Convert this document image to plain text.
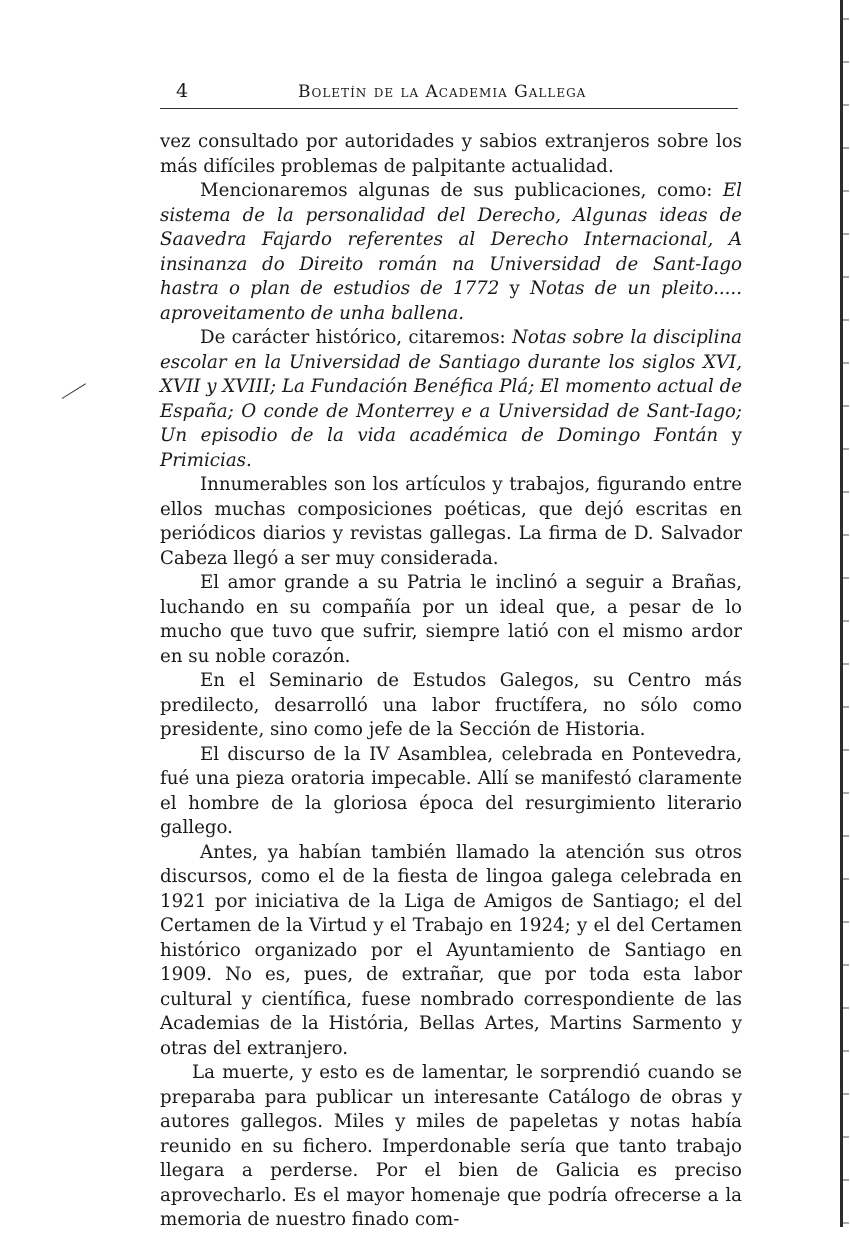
4	Boletín de la Academia Gallega

vez consultado por autoridades y sabios extranjeros sobre los más difíciles problemas de palpitante actualidad.

Mencionaremos algunas de sus publicaciones, como: El sistema de la personalidad del Derecho, Algunas ideas de Saavedra Fajardo referentes al Derecho Internacional, A insinanza do Direito román na Universidad de Sant-Iago hastra o plan de estudios de 1772 y Notas de un pleito..... aproveitamento de unha ballena.

De carácter histórico, citaremos: Notas sobre la disciplina escolar en la Universidad de Santiago durante los siglos XVI, XVII y XVIII; La Fundación Benéfica Plá; El momento actual de España; O conde de Monterrey e a Universidad de Sant-Iago; Un episodio de la vida académica de Domingo Fontán y Primicias.

Innumerables son los artículos y trabajos, figurando entre ellos muchas composiciones poéticas, que dejó escritas en periódicos diarios y revistas gallegas. La firma de D. Salvador Cabeza llegó a ser muy considerada.

El amor grande a su Patria le inclinó a seguir a Brañas, luchando en su compañía por un ideal que, a pesar de lo mucho que tuvo que sufrir, siempre latió con el mismo ardor en su noble corazón.

En el Seminario de Estudos Galegos, su Centro más predilecto, desarrolló una labor fructífera, no sólo como presidente, sino como jefe de la Sección de Historia.

El discurso de la IV Asamblea, celebrada en Pontevedra, fué una pieza oratoria impecable. Allí se manifestó claramente el hombre de la gloriosa época del resurgimiento literario gallego.

Antes, ya habían también llamado la atención sus otros discursos, como el de la fiesta de lingoa galega celebrada en 1921 por iniciativa de la Liga de Amigos de Santiago; el del Certamen de la Virtud y el Trabajo en 1924; y el del Certamen histórico organizado por el Ayuntamiento de Santiago en 1909. No es, pues, de extrañar, que por toda esta labor cultural y científica, fuese nombrado correspondiente de las Academias de la História, Bellas Artes, Martins Sarmento y otras del extranjero.

La muerte, y esto es de lamentar, le sorprendió cuando se preparaba para publicar un interesante Catálogo de obras y autores gallegos. Miles y miles de papeletas y notas había reunido en su fichero. Imperdonable sería que tanto trabajo llegara a perderse. Por el bien de Galicia es preciso aprovecharlo. Es el mayor homenaje que podría ofrecerse a la memoria de nuestro finado com-
